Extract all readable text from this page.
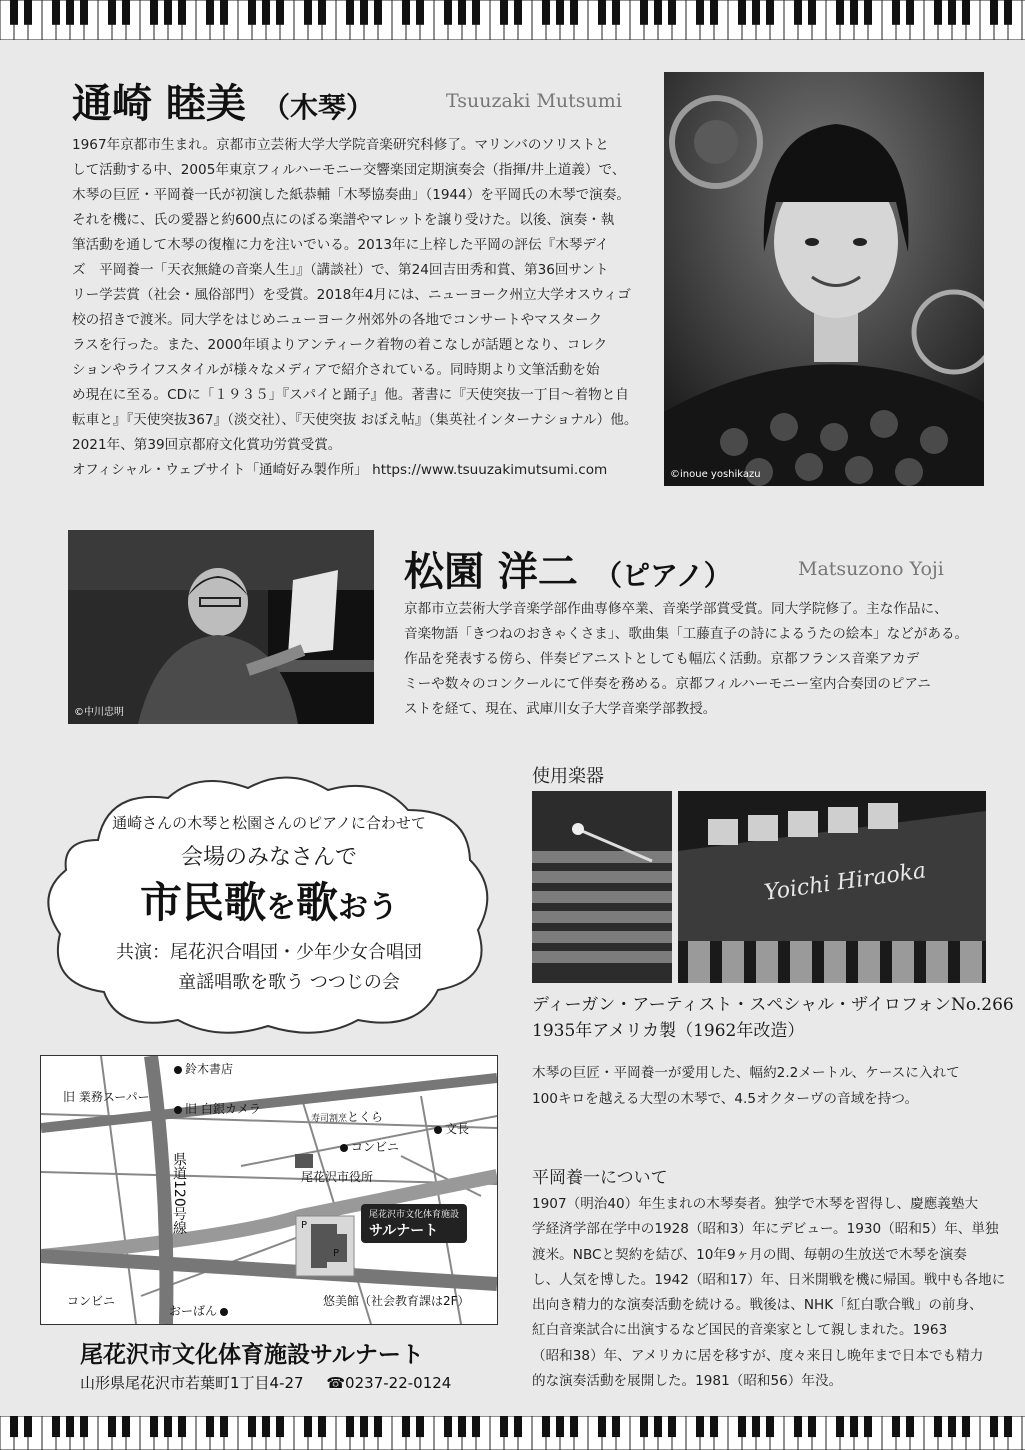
通崎 睦美 （木琴）	Tsuuzaki Mutsumi

1967年京都市生まれ。京都市立芸術大学大学院音楽研究科修了。マリンバのソリストと

して活動する中、2005年東京フィルハーモニー交響楽団定期演奏会（指揮/井上道義）で、

木琴の巨匠・平岡養一氏が初演した紙恭輔「木琴協奏曲」（1944）を平岡氏の木琴で演奏。

それを機に、氏の愛器と約600点にのぼる楽譜やマレットを譲り受けた。以後、演奏・執

筆活動を通して木琴の復権に力を注いでいる。2013年に上梓した平岡の評伝『木琴デイ

ズ　平岡養一「天衣無縫の音楽人生」』（講談社）で、第24回吉田秀和賞、第36回サント

リー学芸賞（社会・風俗部門）を受賞。2018年4月には、ニューヨーク州立大学オスウィゴ

校の招きで渡米。同大学をはじめニューヨーク州郊外の各地でコンサートやマスターク

ラスを行った。また、2000年頃よりアンティーク着物の着こなしが話題となり、コレク

ションやライフスタイルが様々なメディアで紹介されている。同時期より文筆活動を始

め現在に至る。CDに「１９３５」『スパイと踊子』他。著書に『天使突抜一丁目〜着物と自

転車と』『天使突抜367』（淡交社）、『天使突抜 おぼえ帖』（集英社インターナショナル）他。

2021年、第39回京都府文化賞功労賞受賞。

オフィシャル・ウェブサイト「通崎好み製作所」 https://www.tsuuzakimutsumi.com	©inoue yoshikazu
©中川忠明
松園 洋二 （ピアノ）	Matsuzono Yoji

京都市立芸術大学音楽学部作曲専修卒業、音楽学部賞受賞。同大学院修了。主な作品に、

音楽物語「きつねのおきゃくさま」、歌曲集「工藤直子の詩によるうたの絵本」などがある。

作品を発表する傍ら、伴奏ピアニストとしても幅広く活動。京都フランス音楽アカデ

ミーや数々のコンクールにて伴奏を務める。京都フィルハーモニー室内合奏団のピアニ

ストを経て、現在、武庫川女子大学音楽学部教授。

使用楽器
Yoichi Hiraoka
ディーガン・アーティスト・スペシャル・ザイロフォンNo.266
1935年アメリカ製（1962年改造）

木琴の巨匠・平岡養一が愛用した、幅約2.2メートル、ケースに入れて

100キロを越える大型の木琴で、4.5オクターヴの音域を持つ。

平岡養一について

1907（明治40）年生まれの木琴奏者。独学で木琴を習得し、慶應義塾大

学経済学部在学中の1928（昭和3）年にデビュー。1930（昭和5）年、単独

渡米。NBCと契約を結び、10年9ヶ月の間、毎朝の生放送で木琴を演奏

し、人気を博した。1942（昭和17）年、日米開戦を機に帰国。戦中も各地に

出向き精力的な演奏活動を続ける。戦後は、NHK「紅白歌合戦」の前身、

紅白音楽試合に出演するなど国民的音楽家として親しまれた。1963

（昭和38）年、アメリカに居を移すが、度々来日し晩年まで日本でも精力

的な演奏活動を展開した。1981（昭和56）年没。

通崎さんの木琴と松園さんのピアノに合わせて
会場のみなさんで
市民歌を歌おう
共演：尾花沢合唱団・少年少女合唱団
童謡唱歌を歌う つつじの会
鈴木書店
旧 業務スーパー
旧 白銀カメラ
寿司割烹とくら
文長
コンビニ
尾花沢市役所
県道120号線	尾花沢市文化体育施設
サルナート
P
P
コンビニ
おーばん
悠美館（社会教育課は2F）
尾花沢市文化体育施設サルナート
山形県尾花沢市若葉町1丁目4-27 ☎0237-22-0124
